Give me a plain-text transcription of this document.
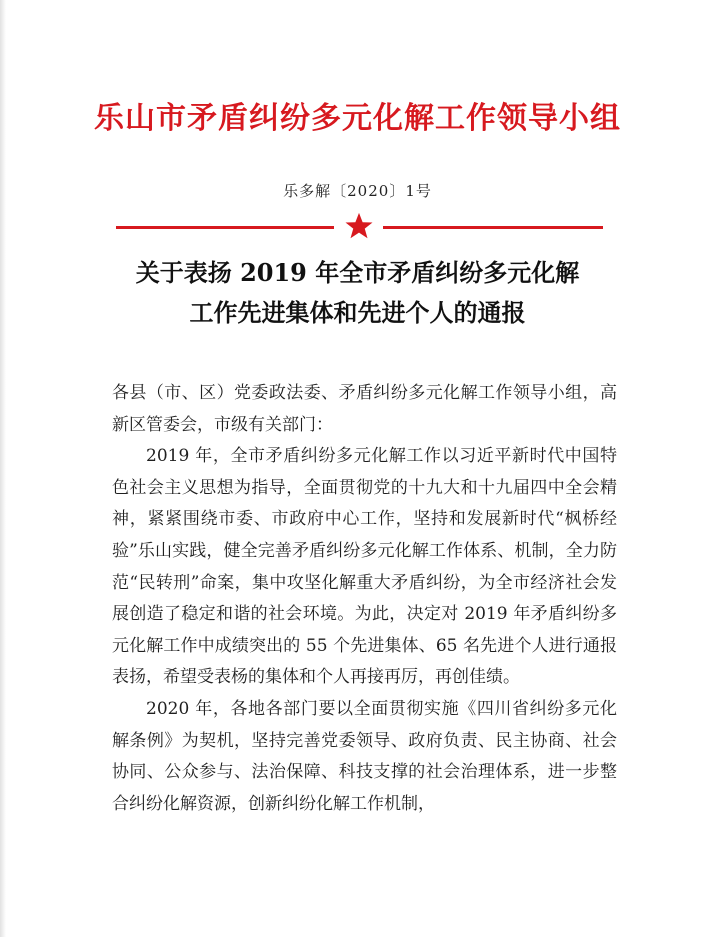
乐山市矛盾纠纷多元化解工作领导小组
乐多解〔2020〕1号
关于表扬 2019 年全市矛盾纠纷多元化解
工作先进集体和先进个人的通报

各县（市、区）党委政法委、矛盾纠纷多元化解工作领导小组，高新区管委会，市级有关部门：

2019 年，全市矛盾纠纷多元化解工作以习近平新时代中国特色社会主义思想为指导，全面贯彻党的十九大和十九届四中全会精神，紧紧围绕市委、市政府中心工作，坚持和发展新时代“枫桥经验”乐山实践，健全完善矛盾纠纷多元化解工作体系、机制，全力防范“民转刑”命案，集中攻坚化解重大矛盾纠纷，为全市经济社会发展创造了稳定和谐的社会环境。为此，决定对 2019 年矛盾纠纷多元化解工作中成绩突出的 55 个先进集体、65 名先进个人进行通报表扬，希望受表杨的集体和个人再接再厉，再创佳绩。

2020 年，各地各部门要以全面贯彻实施《四川省纠纷多元化解条例》为契机，坚持完善党委领导、政府负责、民主协商、社会协同、公众参与、法治保障、科技支撑的社会治理体系，进一步整合纠纷化解资源，创新纠纷化解工作机制，
